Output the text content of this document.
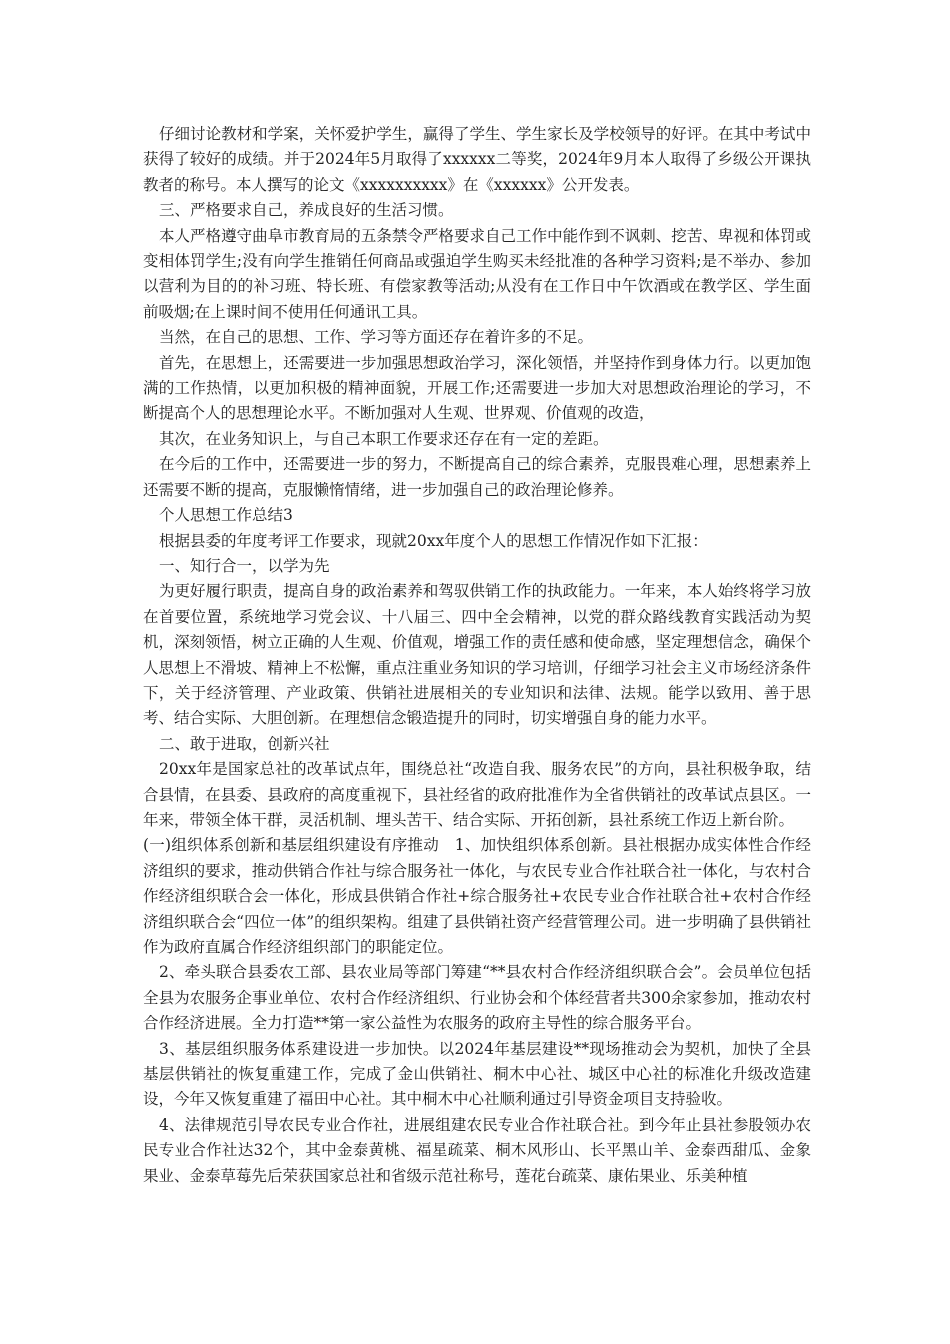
仔细讨论教材和学案，关怀爱护学生，赢得了学生、学生家长及学校领导的好评。在其中考试中获得了较好的成绩。并于2024年5月取得了xxxxxx二等奖，2024年9月本人取得了乡级公开课执教者的称号。本人撰写的论文《xxxxxxxxxx》在《xxxxxx》公开发表。

三、严格要求自己，养成良好的生活习惯。

本人严格遵守曲阜市教育局的五条禁令严格要求自己工作中能作到不讽刺、挖苦、卑视和体罚或变相体罚学生;没有向学生推销任何商品或强迫学生购买未经批准的各种学习资料;是不举办、参加以营利为目的的补习班、特长班、有偿家教等活动;从没有在工作日中午饮酒或在教学区、学生面前吸烟;在上课时间不使用任何通讯工具。

当然，在自己的思想、工作、学习等方面还存在着许多的不足。

首先，在思想上，还需要进一步加强思想政治学习，深化领悟，并坚持作到身体力行。以更加饱满的工作热情，以更加积极的精神面貌，开展工作;还需要进一步加大对思想政治理论的学习，不断提高个人的思想理论水平。不断加强对人生观、世界观、价值观的改造，

其次，在业务知识上，与自己本职工作要求还存在有一定的差距。

在今后的工作中，还需要进一步的努力，不断提高自己的综合素养，克服畏难心理，思想素养上还需要不断的提高，克服懒惰情绪，进一步加强自己的政治理论修养。

个人思想工作总结3

根据县委的年度考评工作要求，现就20xx年度个人的思想工作情况作如下汇报：

一、知行合一，以学为先

为更好履行职责，提高自身的政治素养和驾驭供销工作的执政能力。一年来，本人始终将学习放在首要位置，系统地学习党会议、十八届三、四中全会精神，以党的群众路线教育实践活动为契机，深刻领悟，树立正确的人生观、价值观，增强工作的责任感和使命感，坚定理想信念，确保个人思想上不滑坡、精神上不松懈，重点注重业务知识的学习培训，仔细学习社会主义市场经济条件下，关于经济管理、产业政策、供销社进展相关的专业知识和法律、法规。能学以致用、善于思考、结合实际、大胆创新。在理想信念锻造提升的同时，切实增强自身的能力水平。

二、敢于进取，创新兴社

20xx年是国家总社的改革试点年，围绕总社“改造自我、服务农民”的方向，县社积极争取，结合县情，在县委、县政府的高度重视下，县社经省的政府批准作为全省供销社的改革试点县区。一年来，带领全体干群，灵活机制、埋头苦干、结合实际、开拓创新，县社系统工作迈上新台阶。

(一)组织体系创新和基层组织建设有序推动　1、加快组织体系创新。县社根据办成实体性合作经济组织的要求，推动供销合作社与综合服务社一体化，与农民专业合作社联合社一体化，与农村合作经济组织联合会一体化，形成县供销合作社+综合服务社+农民专业合作社联合社+农村合作经济组织联合会“四位一体”的组织架构。组建了县供销社资产经营管理公司。进一步明确了县供销社作为政府直属合作经济组织部门的职能定位。

2、牵头联合县委农工部、县农业局等部门筹建“**县农村合作经济组织联合会”。会员单位包括全县为农服务企事业单位、农村合作经济组织、行业协会和个体经营者共300余家参加，推动农村合作经济进展。全力打造**第一家公益性为农服务的政府主导性的综合服务平台。

3、基层组织服务体系建设进一步加快。以2024年基层建设**现场推动会为契机，加快了全县基层供销社的恢复重建工作，完成了金山供销社、桐木中心社、城区中心社的标准化升级改造建设，今年又恢复重建了福田中心社。其中桐木中心社顺利通过引导资金项目支持验收。

4、法律规范引导农民专业合作社，进展组建农民专业合作社联合社。到今年止县社参股领办农民专业合作社达32个，其中金泰黄桃、福星疏菜、桐木风形山、长平黑山羊、金泰西甜瓜、金象果业、金泰草莓先后荣获国家总社和省级示范社称号，莲花台疏菜、康佑果业、乐美种植
